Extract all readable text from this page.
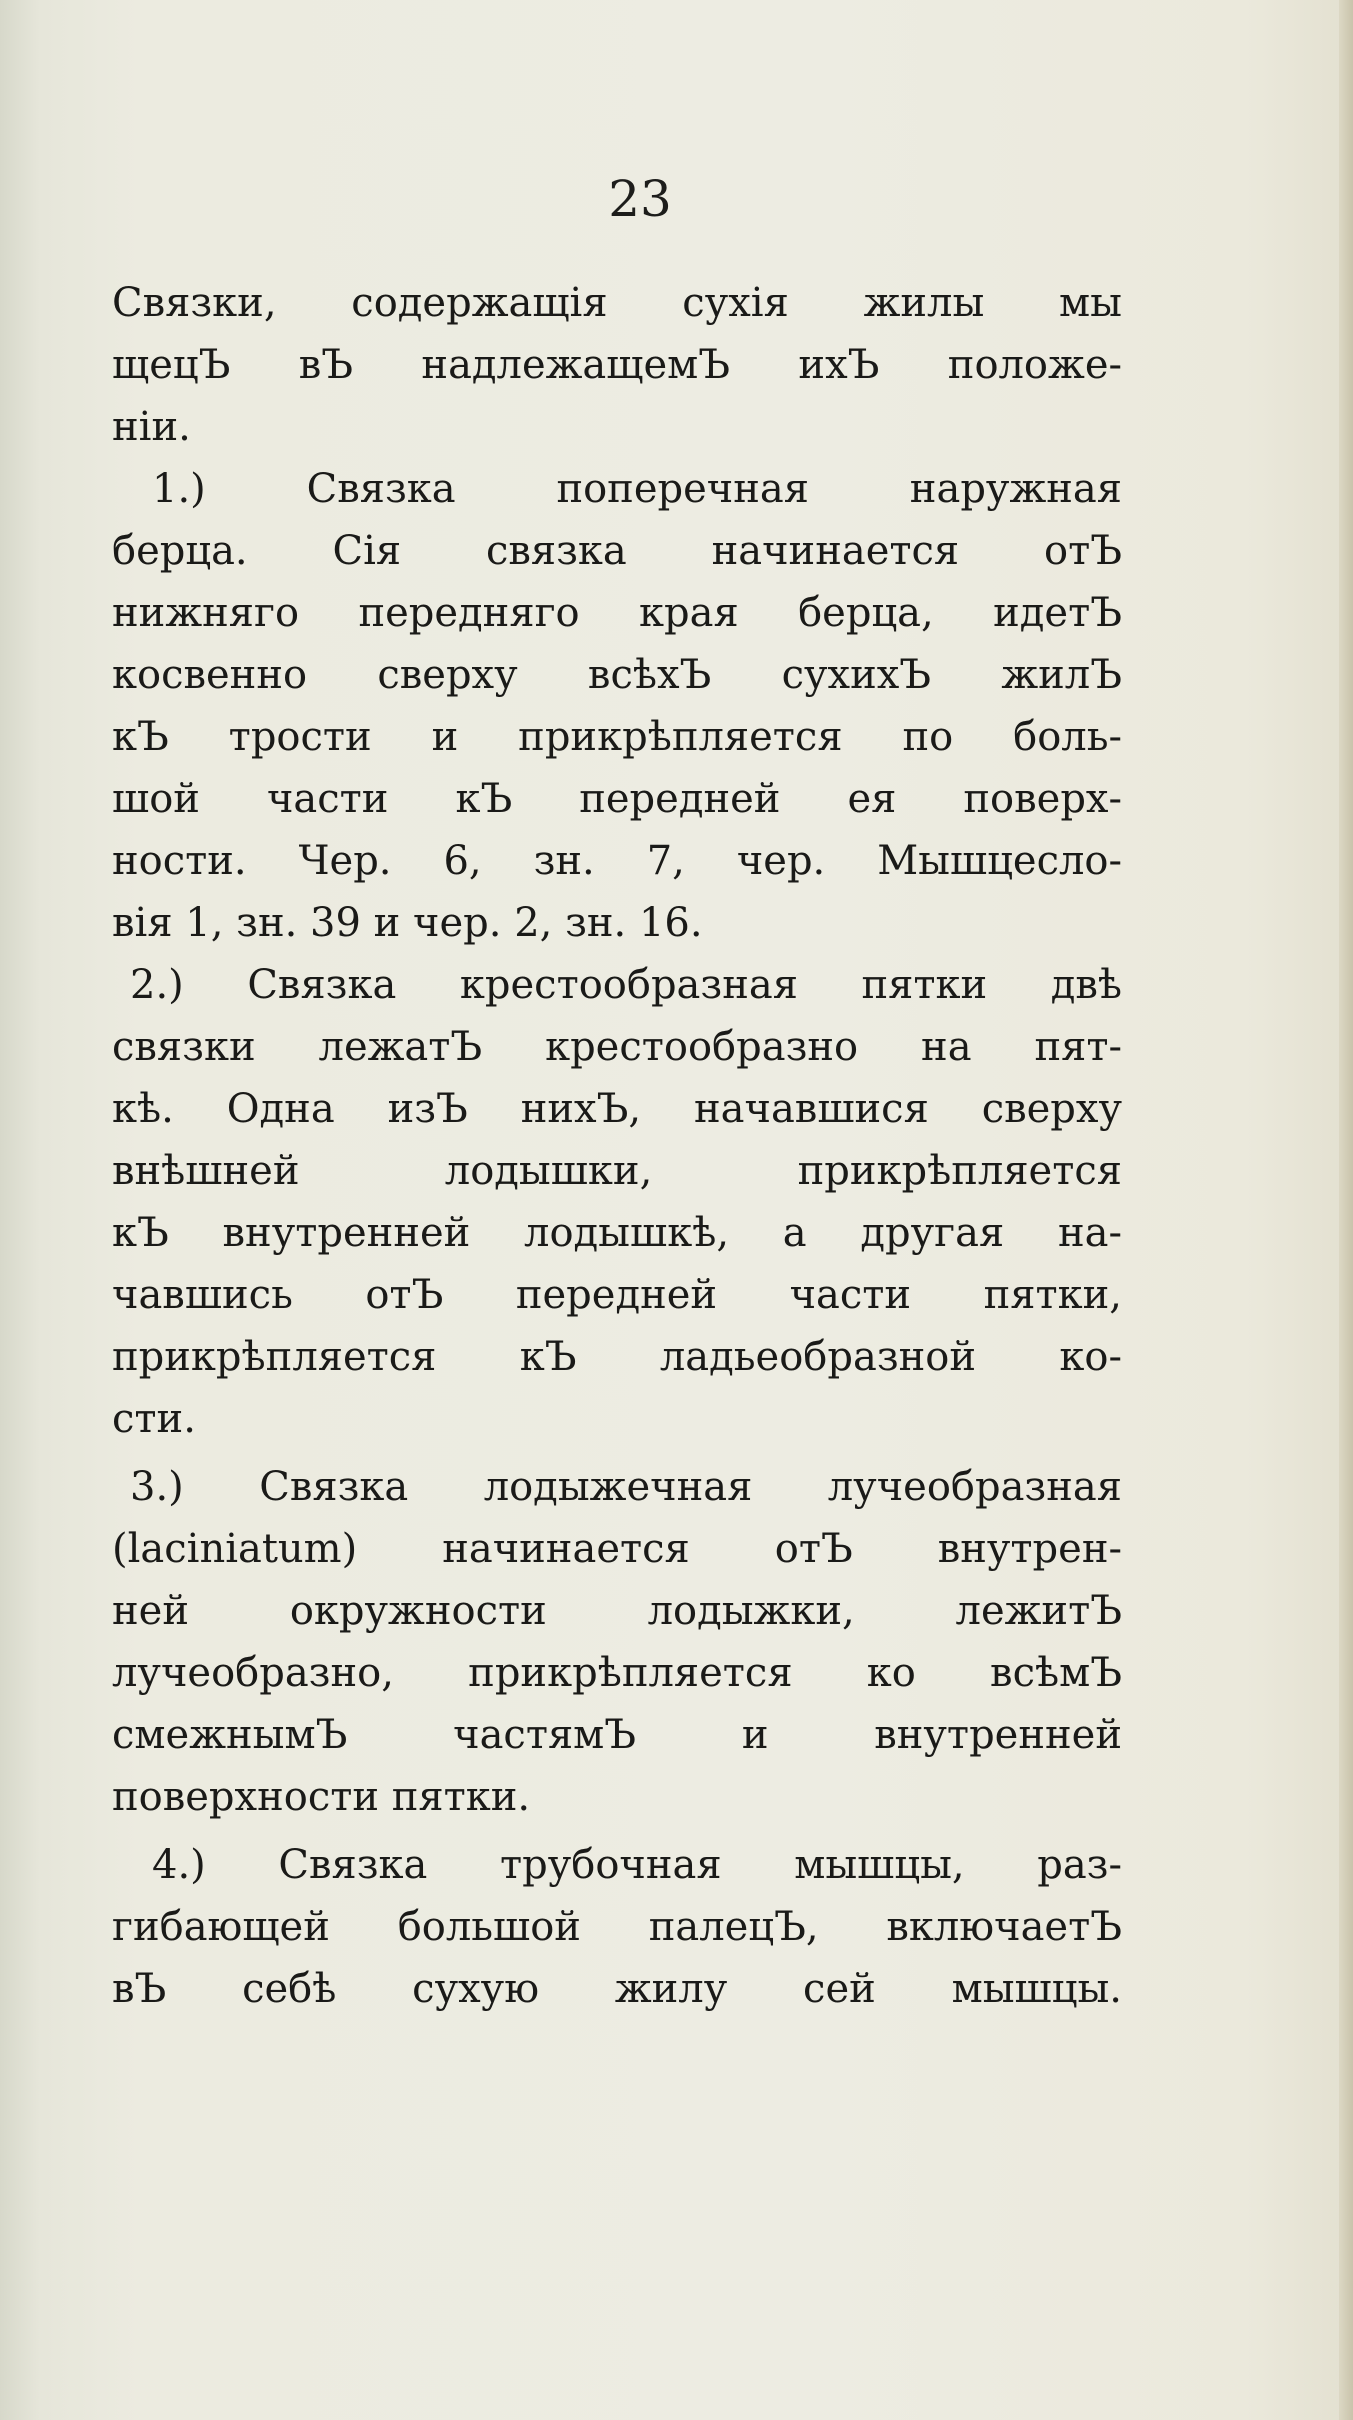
23

Связки, содержащія сухія жилы мы
щецЪ вЪ надлежащемЪ ихЪ положе-
ніи.
1.) Связка поперечная наружная
берца. Сія связка начинается отЪ
нижняго передняго края берца, идетЪ
косвенно сверху всѣхЪ сухихЪ жилЪ
кЪ трости и прикрѣпляется по боль-
шой части кЪ передней ея поверх-
ности. Чер. 6, зн. 7, чер. Мышцесло-
вія 1, зн. 39 и чер. 2, зн. 16.
2.) Связка крестообразная пятки двѣ
связки лежатЪ крестообразно на пят-
кѣ. Одна изЪ нихЪ, начавшися сверху
внѣшней лодышки, прикрѣпляется
кЪ внутренней лодышкѣ, а другая на-
чавшись отЪ передней части пятки,
прикрѣпляется кЪ ладьеобразной ко-
сти.
3.) Связка лодыжечная лучеобразная
(laciniatum) начинается отЪ внутрен-
ней окружности лодыжки, лежитЪ
лучеобразно, прикрѣпляется ко всѣмЪ
смежнымЪ частямЪ и внутренней
поверхности пятки.
4.) Связка трубочная мышцы, раз-
гибающей большой палецЪ, включаетЪ
вЪ себѣ сухую жилу сей мышцы.
